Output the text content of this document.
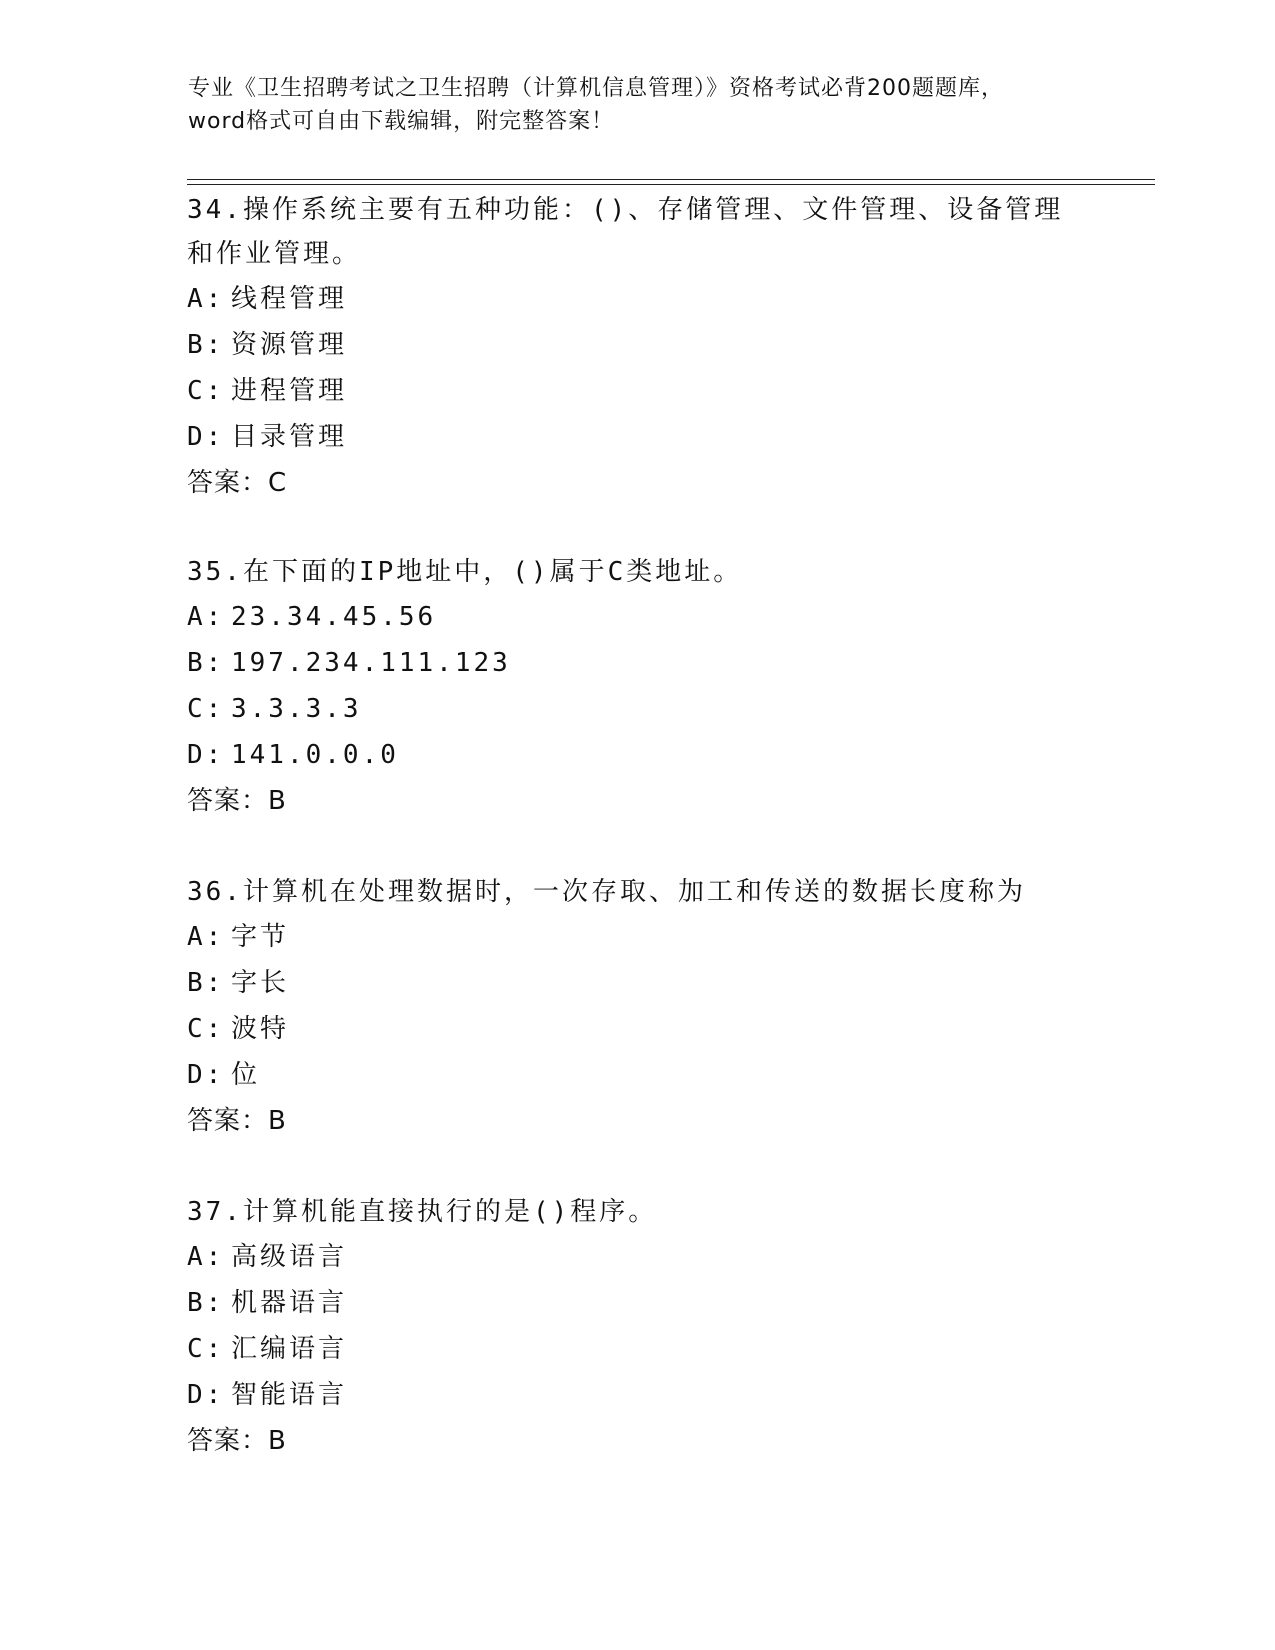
专业《卫生招聘考试之卫生招聘（计算机信息管理）》资格考试必背200题题库，
word格式可自由下载编辑，附完整答案！

34.操作系统主要有五种功能：()、存储管理、文件管理、设备管理和作业管理。

A: 线程管理
B: 资源管理
C: 进程管理
D: 目录管理
答案：C

35.在下面的IP地址中，()属于C类地址。

A: 23.34.45.56
B: 197.234.111.123
C: 3.3.3.3
D: 141.0.0.0
答案：B

36.计算机在处理数据时，一次存取、加工和传送的数据长度称为

A: 字节
B: 字长
C: 波特
D: 位
答案：B

37.计算机能直接执行的是()程序。

A: 高级语言
B: 机器语言
C: 汇编语言
D: 智能语言
答案：B
